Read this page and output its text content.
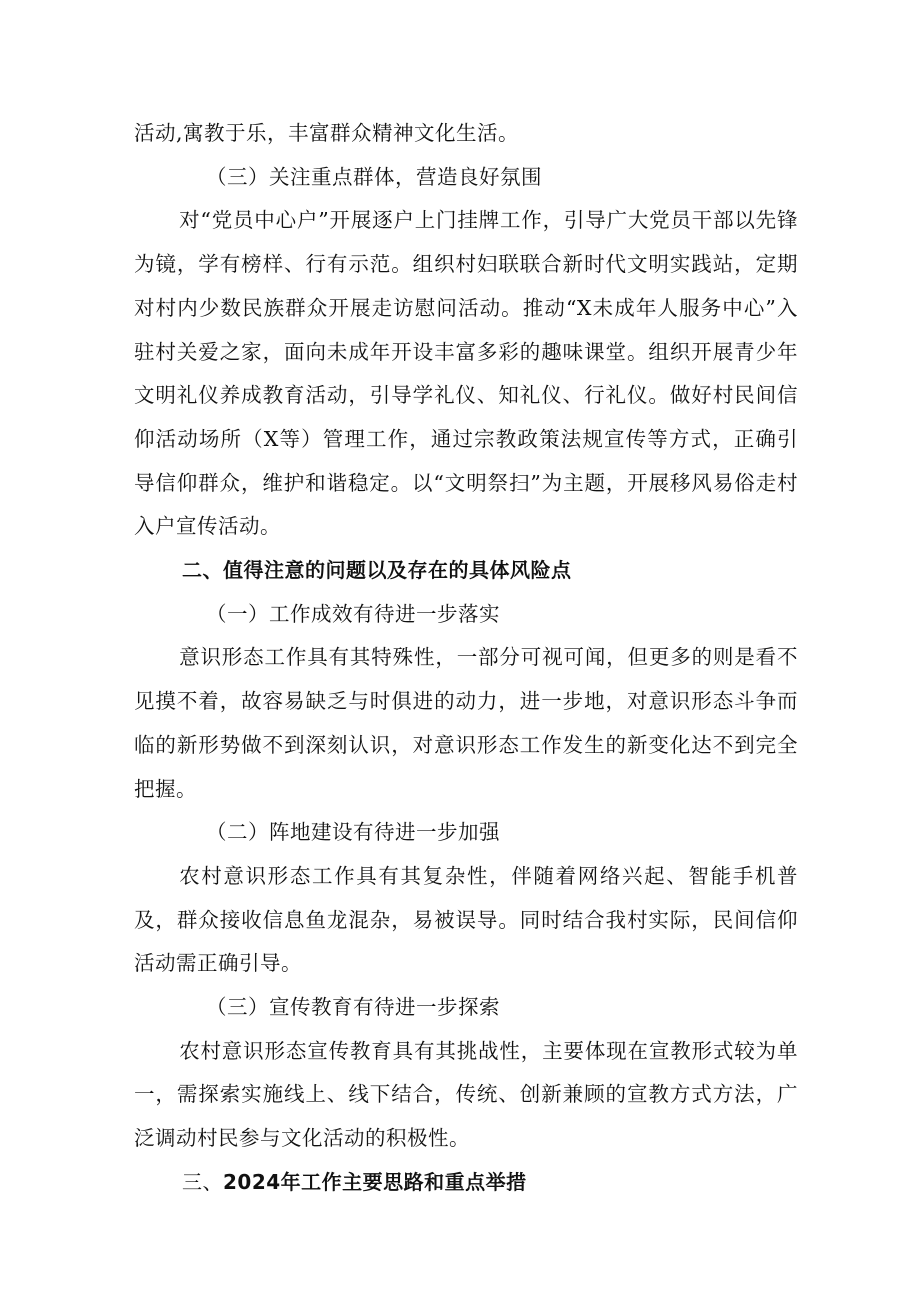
活动,寓教于乐，丰富群众精神文化生活。

（三）关注重点群体，营造良好氛围

对“党员中心户”开展逐户上门挂牌工作，引导广大党员干部以先锋为镜，学有榜样、行有示范。组织村妇联联合新时代文明实践站，定期对村内少数民族群众开展走访慰问活动。推动“X未成年人服务中心”入驻村关爱之家，面向未成年开设丰富多彩的趣味课堂。组织开展青少年文明礼仪养成教育活动，引导学礼仪、知礼仪、行礼仪。做好村民间信仰活动场所（X等）管理工作，通过宗教政策法规宣传等方式，正确引导信仰群众，维护和谐稳定。以“文明祭扫”为主题，开展移风易俗走村入户宣传活动。

二、值得注意的问题以及存在的具体风险点

（一）工作成效有待进一步落实

意识形态工作具有其特殊性，一部分可视可闻，但更多的则是看不见摸不着，故容易缺乏与时俱进的动力，进一步地，对意识形态斗争而临的新形势做不到深刻认识，对意识形态工作发生的新变化达不到完全把握。

（二）阵地建设有待进一步加强

农村意识形态工作具有其复杂性，伴随着网络兴起、智能手机普及，群众接收信息鱼龙混杂，易被误导。同时结合我村实际，民间信仰活动需正确引导。

（三）宣传教育有待进一步探索

农村意识形态宣传教育具有其挑战性，主要体现在宣教形式较为单一，需探索实施线上、线下结合，传统、创新兼顾的宣教方式方法，广泛调动村民参与文化活动的积极性。

三、2024年工作主要思路和重点举措
